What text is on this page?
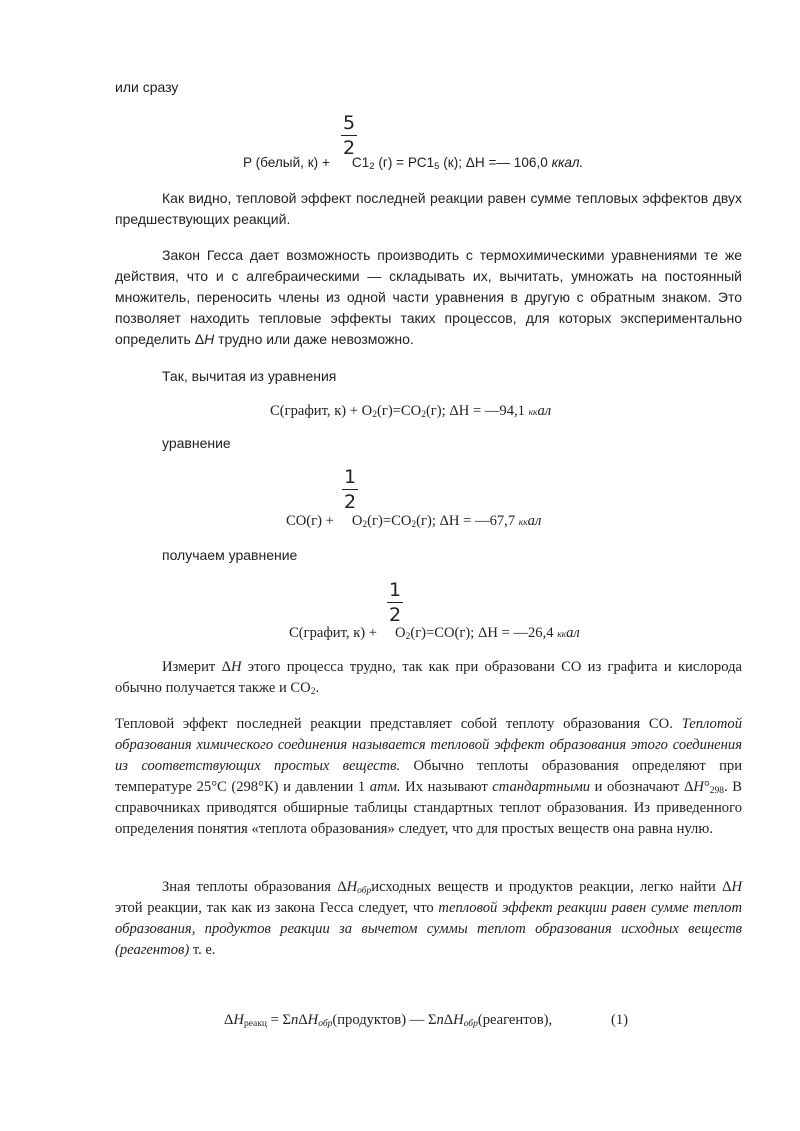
или сразу
5
2
P (белый, $к) + C1_2$ $(г) = РС1_5$ (к); ΔH =— 106,0 ккал.
Как видно, тепловой эффект последней реакции равен сумме тепловых эффектов двух предшествующих реакций.
Закон Гесса дает возможность производить с термохимическими уравнениями те же действия, что и с алгебраическими — складывать их, вычитать, умножать на постоянный множитель, переносить члены из одной части уравнения в другую с обратным знаком. Это позволяет находить тепловые эффекты таких процессов, для которых экспериментально определить ΔH трудно или даже невозможно.
Так, вычитая из уравнения
C(графит, $к) + O_2(г)=CO_2(г)$; ΔH = —94,1 ккал
уравнение
1
2
$CO(г) + O_2(г)=CO_2(г)$; ΔH = —67,7 ккал
получаем уравнение
1
2
C(графит, $к) + O_2(г)=CO(г)$; ΔH = —26,4 ккал
Измерит ΔH этого процесса трудно, так как при образовани СО из графита и кислорода обычно получается также и $СО_2$.
Тепловой эффект последней реакции представляет собой теплоту образования СО. Теплотой образования химического соединения называется тепловой эффект образования этого соединения из соответствующих простых веществ. Обычно теплоты образования определяют при температуре 25°С (298°К) и давлении 1 атм. Их называют стандартными и обозначают $\Delta H^\circ_{298}$. В справочниках приводятся обширные таблицы стандартных теплот образования. Из приведенного определения понятия «теплота образования» следует, что для простых веществ она равна нулю.
Зная теплоты образования $\Delta H_{обр}исходных$ веществ и продуктов реакции, легко найти ΔH этой реакции, так как из закона Гесса следует, что тепловой эффект реакции равен сумме теплот образования, продуктов реакции за вычетом суммы теплот образования исходных веществ (реагентов) т. е.
$\Delta H_{реакц}$ = ΣnΔH$_{обр}$(продуктов) — ΣnΔH$_{обр}$(реагентов),	(1)
